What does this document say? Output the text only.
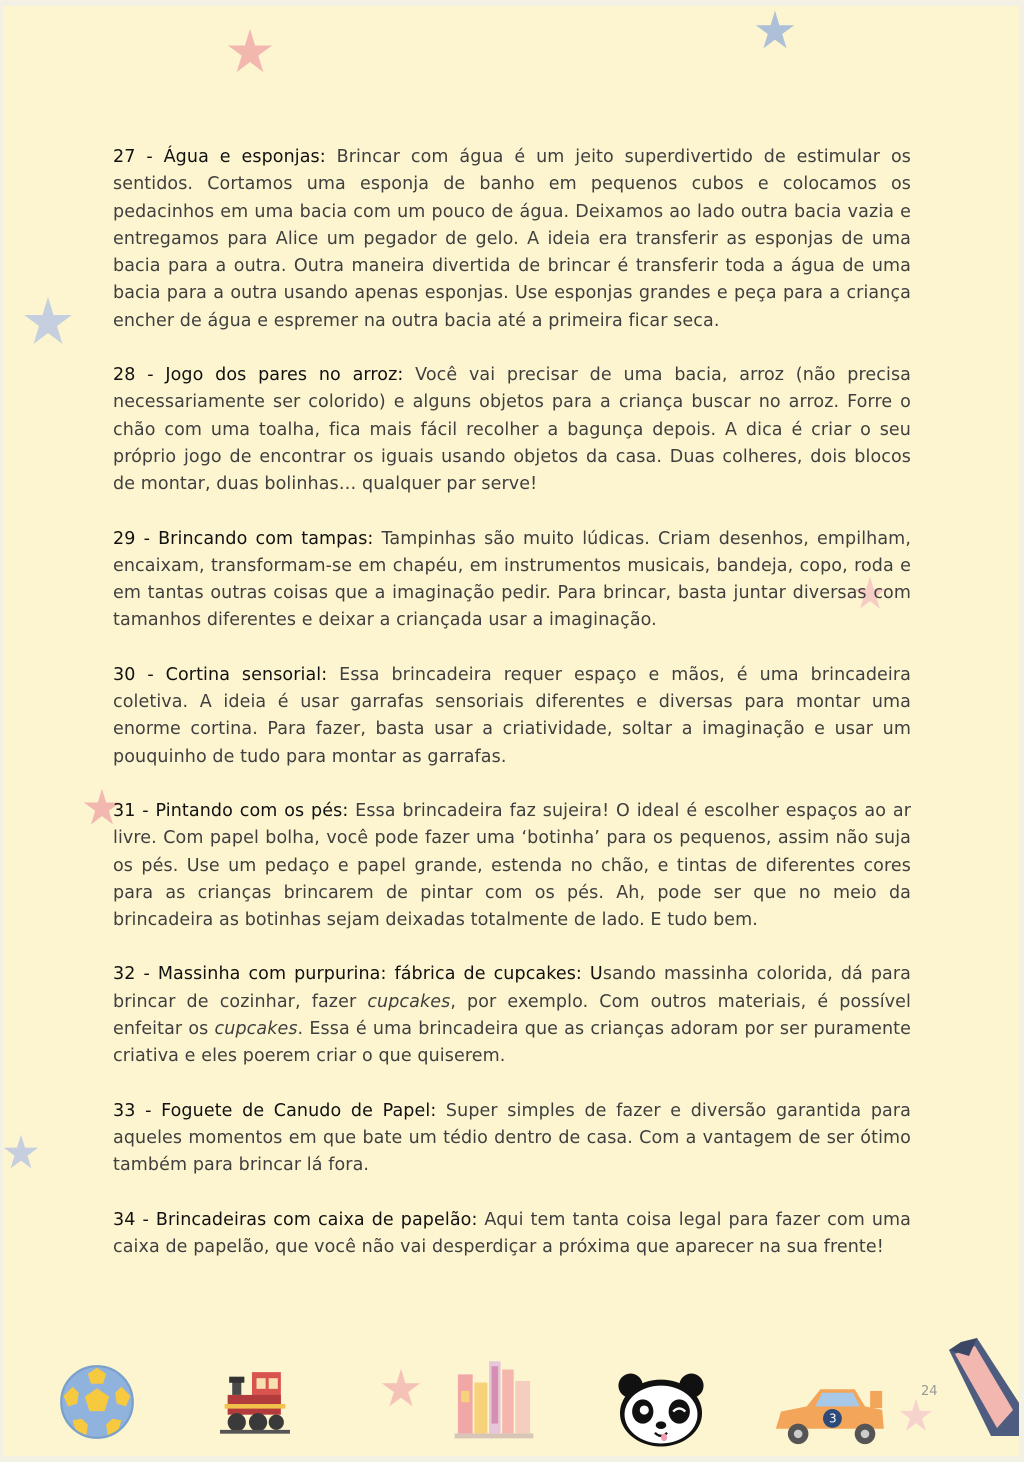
27 - Água e esponjas: Brincar com água é um jeito superdivertido de estimular os sentidos. Cortamos uma esponja de banho em pequenos cubos e colocamos os pedacinhos em uma bacia com um pouco de água. Deixamos ao lado outra bacia vazia e entregamos para Alice um pegador de gelo. A ideia era transferir as esponjas de uma bacia para a outra. Outra maneira divertida de brincar é transferir toda a água de uma bacia para a outra usando apenas esponjas. Use esponjas grandes e peça para a criança encher de água e espremer na outra bacia até a primeira ficar seca.

28 - Jogo dos pares no arroz: Você vai precisar de uma bacia, arroz (não precisa necessariamente ser colorido) e alguns objetos para a criança buscar no arroz. Forre o chão com uma toalha, fica mais fácil recolher a bagunça depois. A dica é criar o seu próprio jogo de encontrar os iguais usando objetos da casa. Duas colheres, dois blocos de montar, duas bolinhas… qualquer par serve!

29 - Brincando com tampas: Tampinhas são muito lúdicas. Criam desenhos, empilham, encaixam, transformam-se em chapéu, em instrumentos musicais, bandeja, copo, roda e em tantas outras coisas que a imaginação pedir. Para brincar, basta juntar diversas com tamanhos diferentes e deixar a criançada usar a imaginação.

30 - Cortina sensorial: Essa brincadeira requer espaço e mãos, é uma brincadeira coletiva. A ideia é usar garrafas sensoriais diferentes e diversas para montar uma enorme cortina. Para fazer, basta usar a criatividade, soltar a imaginação e usar um pouquinho de tudo para montar as garrafas.

31 - Pintando com os pés: Essa brincadeira faz sujeira! O ideal é escolher espaços ao ar livre. Com papel bolha, você pode fazer uma ‘botinha’ para os pequenos, assim não suja os pés. Use um pedaço e papel grande, estenda no chão, e tintas de diferentes cores para as crianças brincarem de pintar com os pés. Ah, pode ser que no meio da brincadeira as botinhas sejam deixadas totalmente de lado. E tudo bem.

32 - Massinha com purpurina: fábrica de cupcakes: Usando massinha colorida, dá para brincar de cozinhar, fazer cupcakes, por exemplo. Com outros materiais, é possível enfeitar os cupcakes. Essa é uma brincadeira que as crianças adoram por ser puramente criativa e eles poerem criar o que quiserem.

33 - Foguete de Canudo de Papel: Super simples de fazer e diversão garantida para aqueles momentos em que bate um tédio dentro de casa. Com a vantagem de ser ótimo também para brincar lá fora.

34 - Brincadeiras com caixa de papelão: Aqui tem tanta coisa legal para fazer com uma caixa de papelão, que você não vai desperdiçar a próxima que aparecer na sua frente!

24
3
